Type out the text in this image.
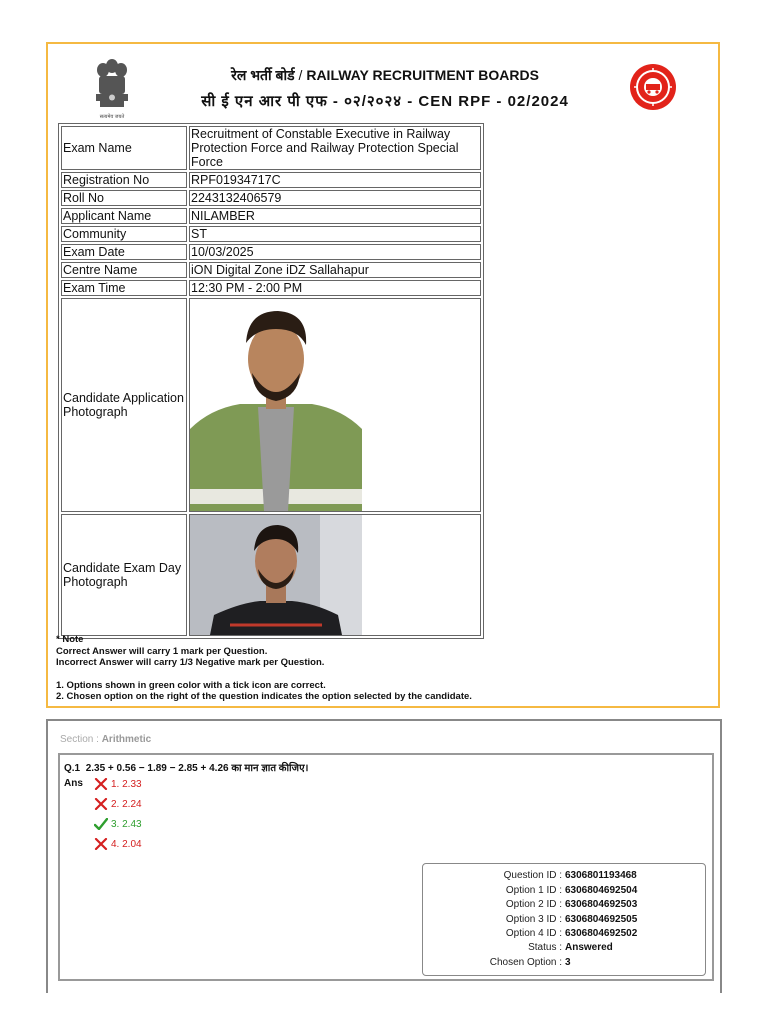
सत्यमेव जयते
रेल भर्ती बोर्ड / RAILWAY RECRUITMENT BOARDS
सी ई एन आर पी एफ - ०२/२०२४ - CEN RPF - 02/2024
Exam Name	Recruitment of Constable Executive in Railway Protection Force and Railway Protection Special Force
Registration No	RPF01934717C
Roll No	2243132406579
Applicant Name	NILAMBER
Community	ST
Exam Date	10/03/2025
Centre Name	iON Digital Zone iDZ Sallahapur
Exam Time	12:30 PM - 2:00 PM
Candidate Application Photograph	

Candidate Exam Day Photograph	
* Note
Correct Answer will carry 1 mark per Question.
Incorrect Answer will carry 1/3 Negative mark per Question.
1. Options shown in green color with a tick icon are correct.
2. Chosen option on the right of the question indicates the option selected by the candidate.
Section : Arithmetic
Q.1 2.35 + 0.56 − 1.89 − 2.85 + 4.26 का मान ज्ञात कीजिए।
Ans	1. 2.33
2. 2.24
3. 2.43
4. 2.04
Question ID : 6306801193468
Option 1 ID : 6306804692504
Option 2 ID : 6306804692503
Option 3 ID : 6306804692505
Option 4 ID : 6306804692502
Status : Answered
Chosen Option : 3
